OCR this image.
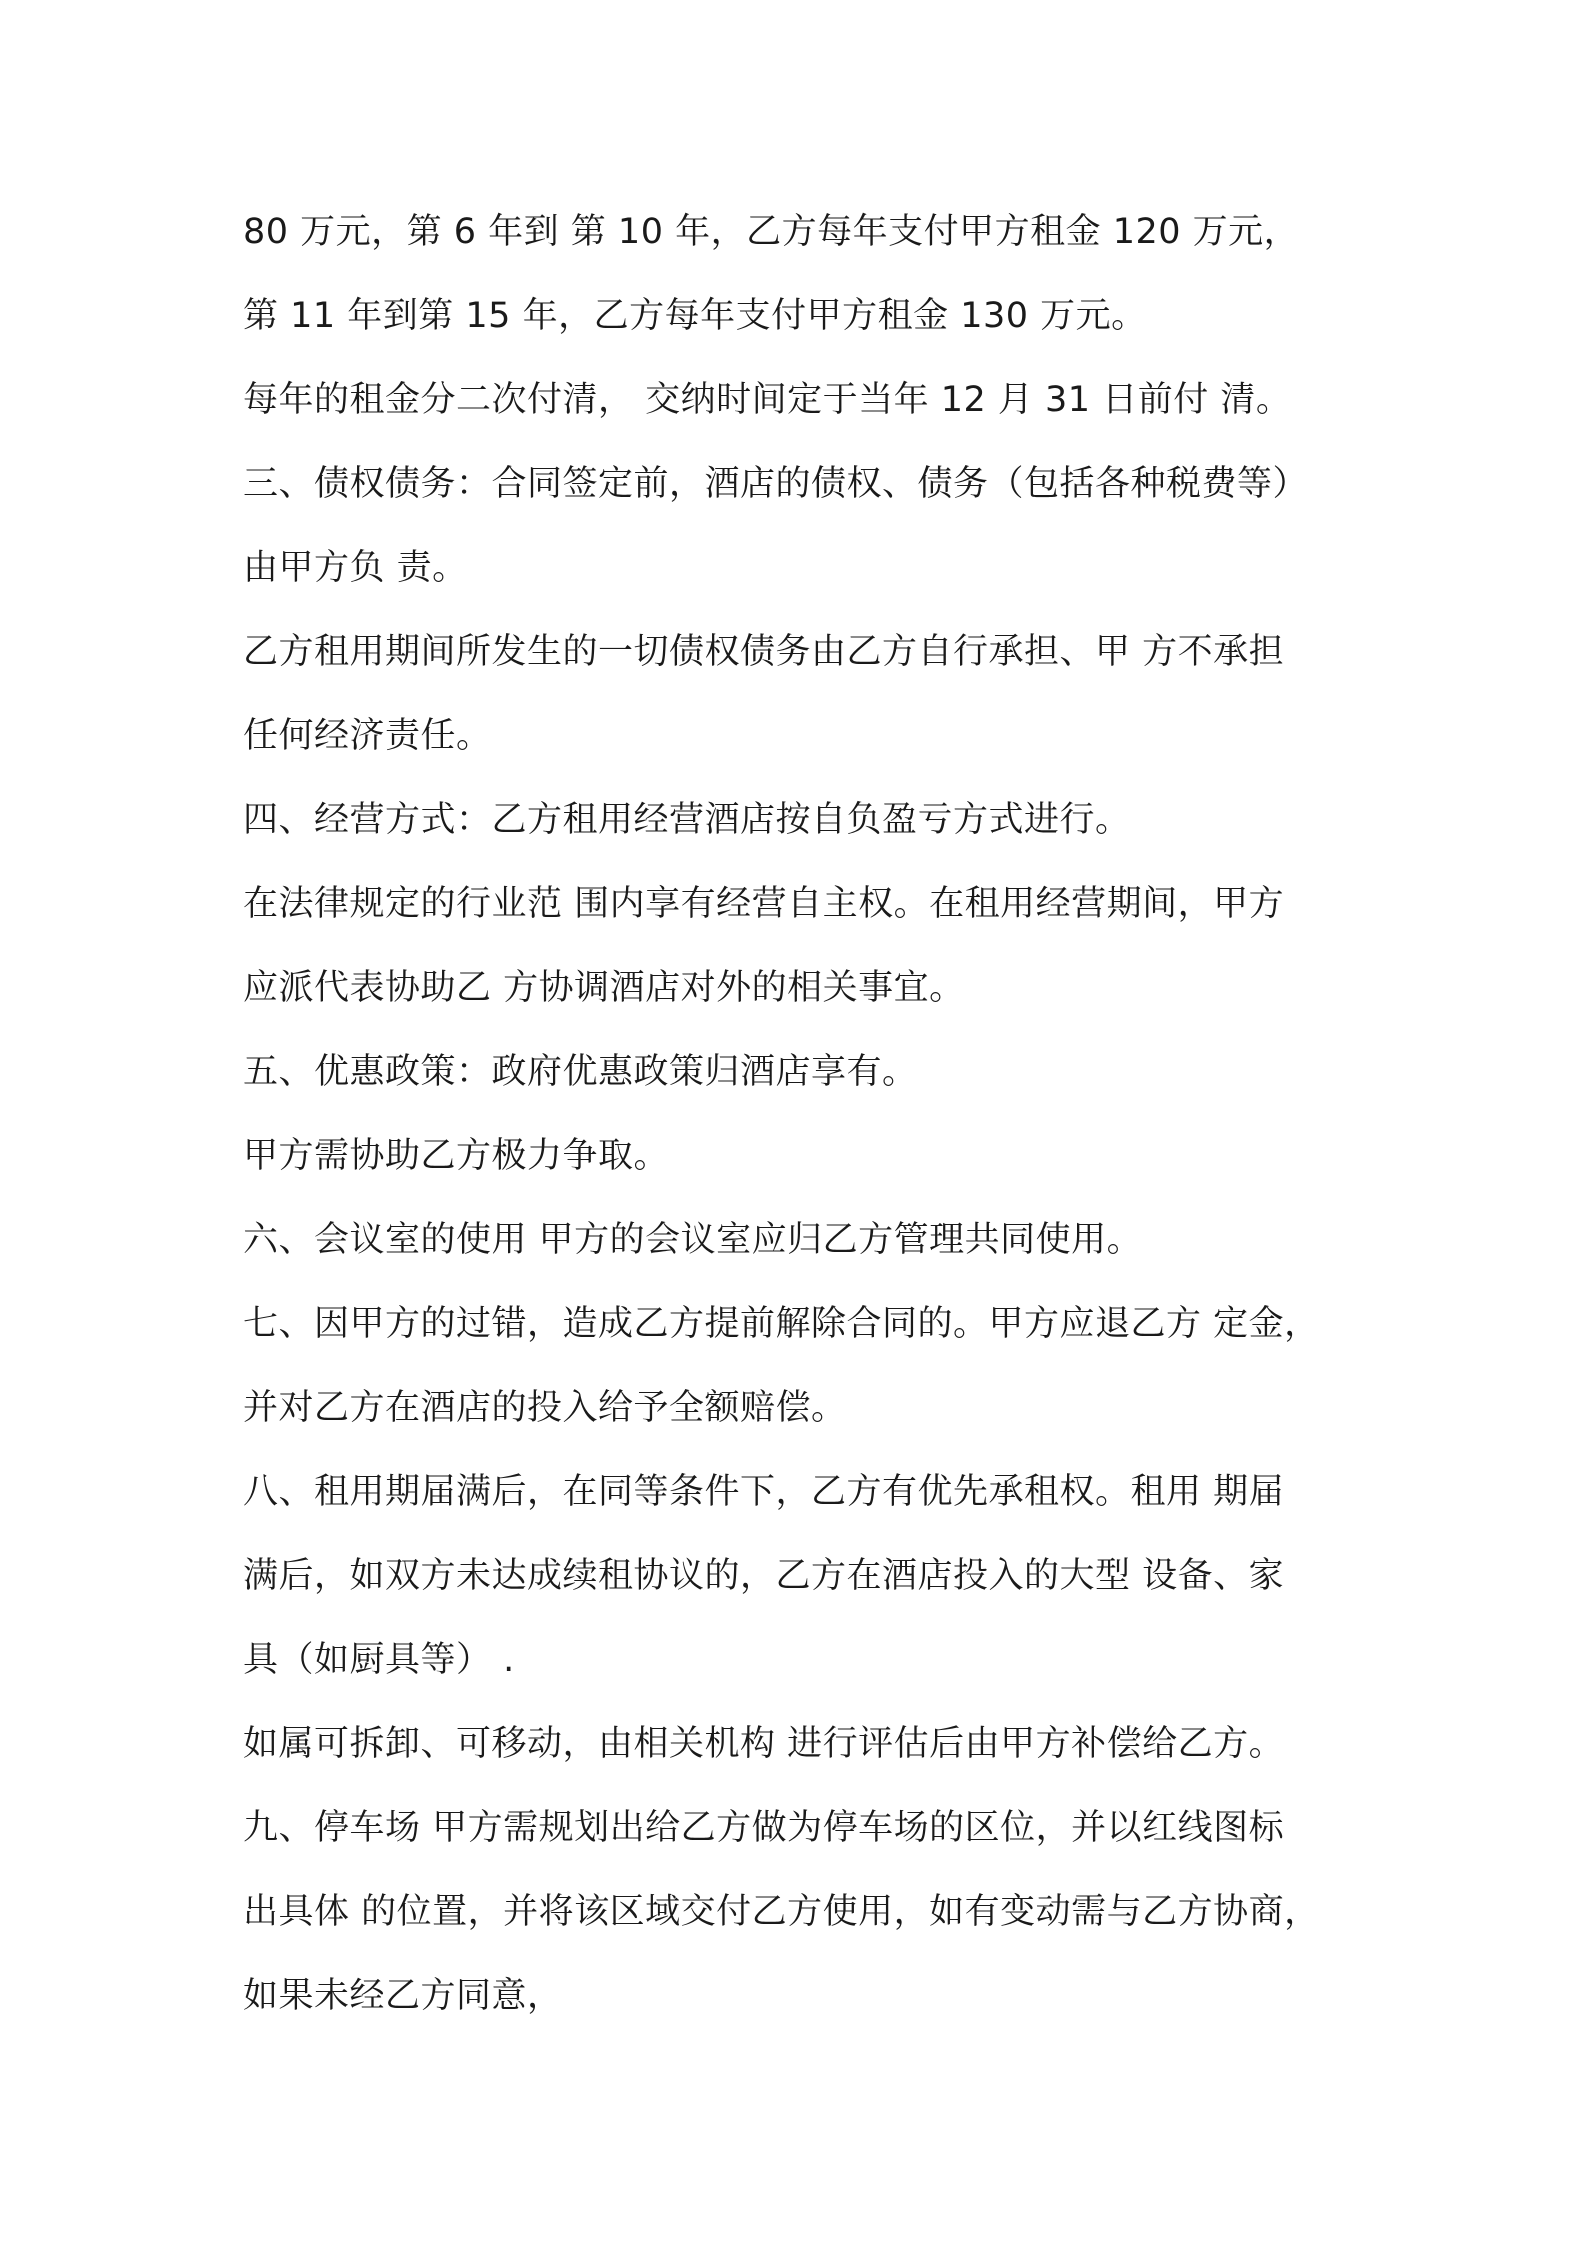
80 万元，第 6 年到 第 10 年，乙方每年支付甲方租金 120 万元，
第 11 年到第 15 年，乙方每年支付甲方租金 130 万元。
每年的租金分二次付清， 交纳时间定于当年 12 月 31 日前付 清。
三、债权债务：合同签定前，酒店的债权、债务（包括各种税费等）
由甲方负 责。
乙方租用期间所发生的一切债权债务由乙方自行承担、甲 方不承担
任何经济责任。
四、经营方式：乙方租用经营酒店按自负盈亏方式进行。
在法律规定的行业范 围内享有经营自主权。在租用经营期间，甲方
应派代表协助乙 方协调酒店对外的相关事宜。
五、优惠政策：政府优惠政策归酒店享有。
甲方需协助乙方极力争取。
六、会议室的使用 甲方的会议室应归乙方管理共同使用。
七、因甲方的过错，造成乙方提前解除合同的。甲方应退乙方 定金，
并对乙方在酒店的投入给予全额赔偿。
八、租用期届满后，在同等条件下，乙方有优先承租权。租用 期届
满后，如双方未达成续租协议的，乙方在酒店投入的大型 设备、家
具（如厨具等） .
如属可拆卸、可移动，由相关机构 进行评估后由甲方补偿给乙方。
九、停车场 甲方需规划出给乙方做为停车场的区位，并以红线图标
出具体 的位置，并将该区域交付乙方使用，如有变动需与乙方协商，
如果未经乙方同意，
